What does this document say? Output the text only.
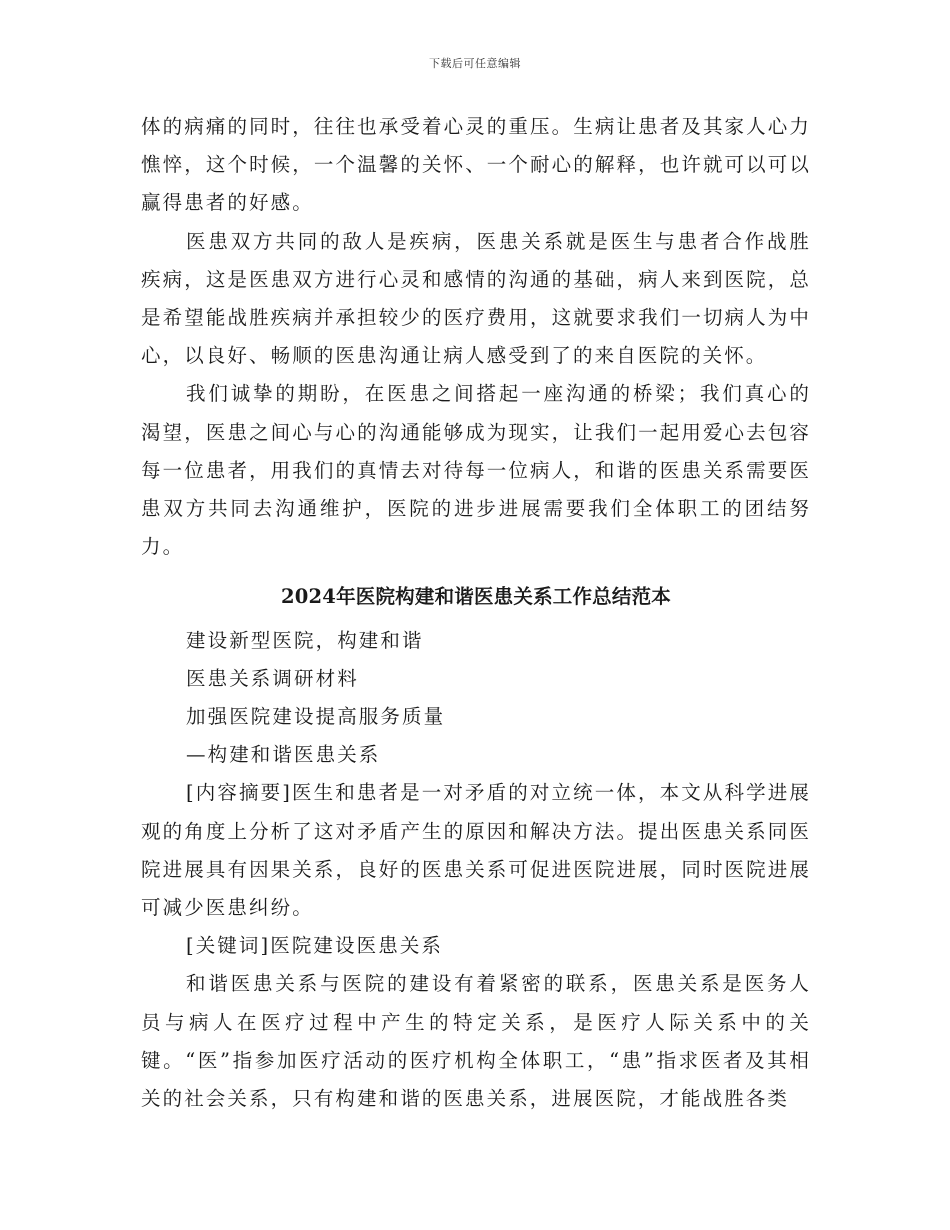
下载后可任意编辑

体的病痛的同时，往往也承受着心灵的重压。生病让患者及其家人心力憔悴，这个时候，一个温馨的关怀、一个耐心的解释，也许就可以可以赢得患者的好感。

医患双方共同的敌人是疾病，医患关系就是医生与患者合作战胜疾病，这是医患双方进行心灵和感情的沟通的基础，病人来到医院，总是希望能战胜疾病并承担较少的医疗费用，这就要求我们一切病人为中心，以良好、畅顺的医患沟通让病人感受到了的来自医院的关怀。

我们诚挚的期盼，在医患之间搭起一座沟通的桥梁；我们真心的渴望，医患之间心与心的沟通能够成为现实，让我们一起用爱心去包容每一位患者，用我们的真情去对待每一位病人，和谐的医患关系需要医患双方共同去沟通维护，医院的进步进展需要我们全体职工的团结努力。

2024年医院构建和谐医患关系工作总结范本

建设新型医院，构建和谐

医患关系调研材料

加强医院建设提高服务质量

—构建和谐医患关系

[内容摘要]医生和患者是一对矛盾的对立统一体，本文从科学进展观的角度上分析了这对矛盾产生的原因和解决方法。提出医患关系同医院进展具有因果关系，良好的医患关系可促进医院进展，同时医院进展可减少医患纠纷。

[关键词]医院建设医患关系

和谐医患关系与医院的建设有着紧密的联系，医患关系是医务人员与病人在医疗过程中产生的特定关系，是医疗人际关系中的关键。“医”指参加医疗活动的医疗机构全体职工，“患”指求医者及其相关的社会关系，只有构建和谐的医患关系，进展医院，才能战胜各类
